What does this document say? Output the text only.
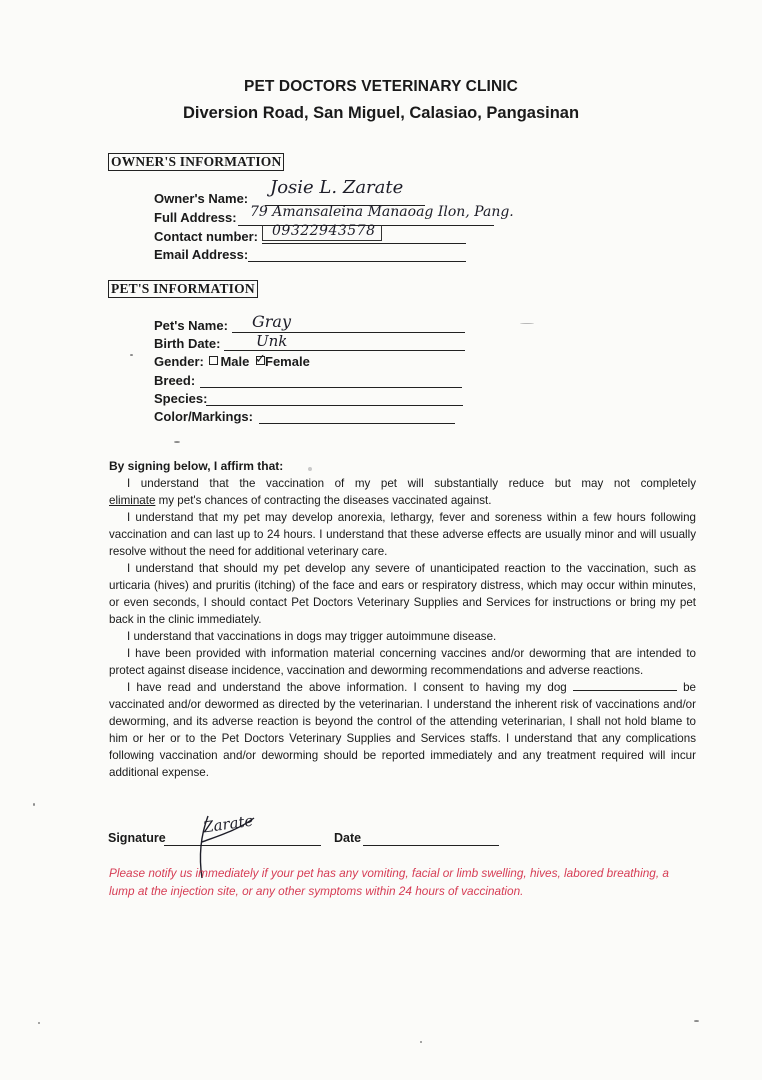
PET DOCTORS VETERINARY CLINIC
Diversion Road, San Miguel, Calasiao, Pangasinan
OWNER'S INFORMATION
Owner's Name:
Josie L. Zarate
Full Address: 79 Amansaleina Manaoag Ilon, Pang.
Contact number: 09322943578
Email Address:
PET'S INFORMATION
Pet's Name: Gray
Birth Date: Unk
Gender: Male ✓ Female
Breed:
Species:
Color/Markings:
By signing below, I affirm that:

I understand that the vaccination of my pet will substantially reduce but may not completely

eliminate my pet's chances of contracting the diseases vaccinated against.

I understand that my pet may develop anorexia, lethargy, fever and soreness within a few hours following vaccination and can last up to 24 hours. I understand that these adverse effects are usually minor and will usually resolve without the need for additional veterinary care.

I understand that should my pet develop any severe of unanticipated reaction to the vaccination, such as urticaria (hives) and pruritis (itching) of the face and ears or respiratory distress, which may occur within minutes, or even seconds, I should contact Pet Doctors Veterinary Supplies and Services for instructions or bring my pet back in the clinic immediately.

I understand that vaccinations in dogs may trigger autoimmune disease.

I have been provided with information material concerning vaccines and/or deworming that are intended to protect against disease incidence, vaccination and deworming recommendations and adverse reactions.

I have read and understand the above information. I consent to having my dog	be vaccinated and/or dewormed as directed by the veterinarian. I understand the inherent risk of vaccinations and/or deworming, and its adverse reaction is beyond the control of the attending veterinarian, I shall not hold blame to him or her or to the Pet Doctors Veterinary Supplies and Services staffs. I understand that any complications following vaccination and/or deworming should be reported immediately and any treatment required will incur additional expense.

Signature
Zarate
Date
Please notify us immediately if your pet has any vomiting, facial or limb swelling, hives, labored breathing, a lump at the injection site, or any other symptoms within 24 hours of vaccination.
